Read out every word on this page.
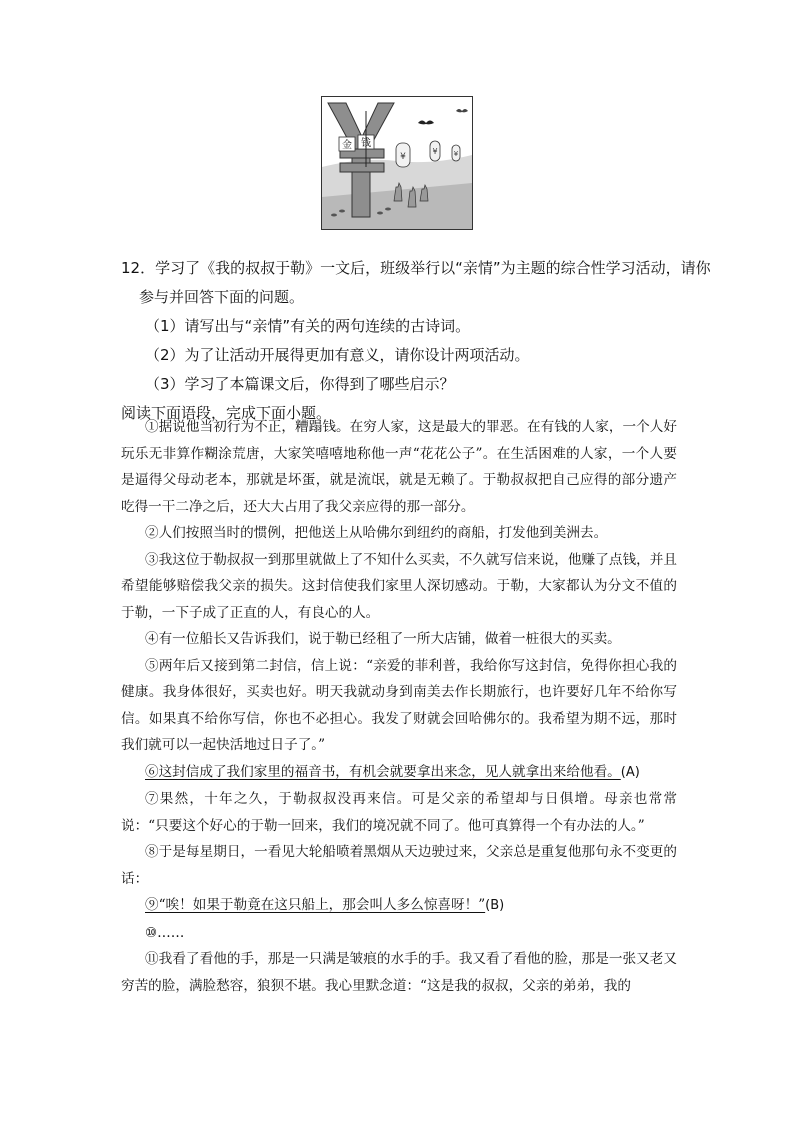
金 钱
¥
¥ ¥

12．学习了《我的叔叔于勒》一文后，班级举行以“亲情”为主题的综合性学习活动，请你

参与并回答下面的问题。

（1）请写出与“亲情”有关的两句连续的古诗词。

（2）为了让活动开展得更加有意义，请你设计两项活动。

（3）学习了本篇课文后，你得到了哪些启示？

阅读下面语段，完成下面小题。

①据说他当初行为不正，糟蹋钱。在穷人家，这是最大的罪恶。在有钱的人家，一个人好玩乐无非算作糊涂荒唐，大家笑嘻嘻地称他一声“花花公子”。在生活困难的人家，一个人要是逼得父母动老本，那就是坏蛋，就是流氓，就是无赖了。于勒叔叔把自己应得的部分遗产吃得一干二净之后，还大大占用了我父亲应得的那一部分。

②人们按照当时的惯例，把他送上从哈佛尔到纽约的商船，打发他到美洲去。

③我这位于勒叔叔一到那里就做上了不知什么买卖，不久就写信来说，他赚了点钱，并且希望能够赔偿我父亲的损失。这封信使我们家里人深切感动。于勒，大家都认为分文不值的于勒，一下子成了正直的人，有良心的人。

④有一位船长又告诉我们，说于勒已经租了一所大店铺，做着一桩很大的买卖。

⑤两年后又接到第二封信，信上说：“亲爱的菲利普，我给你写这封信，免得你担心我的健康。我身体很好，买卖也好。明天我就动身到南美去作长期旅行，也许要好几年不给你写信。如果真不给你写信，你也不必担心。我发了财就会回哈佛尔的。我希望为期不远，那时我们就可以一起快活地过日子了。”

⑥这封信成了我们家里的福音书，有机会就要拿出来念，见人就拿出来给他看。(A)

⑦果然，十年之久，于勒叔叔没再来信。可是父亲的希望却与日俱增。母亲也常常说：“只要这个好心的于勒一回来，我们的境况就不同了。他可真算得一个有办法的人。”

⑧于是每星期日，一看见大轮船喷着黑烟从天边驶过来，父亲总是重复他那句永不变更的话：

⑨“唉！如果于勒竟在这只船上，那会叫人多么惊喜呀！”(B)

⑩……

⑪我看了看他的手，那是一只满是皱痕的水手的手。我又看了看他的脸，那是一张又老又穷苦的脸，满脸愁容，狼狈不堪。我心里默念道：“这是我的叔叔，父亲的弟弟，我的
